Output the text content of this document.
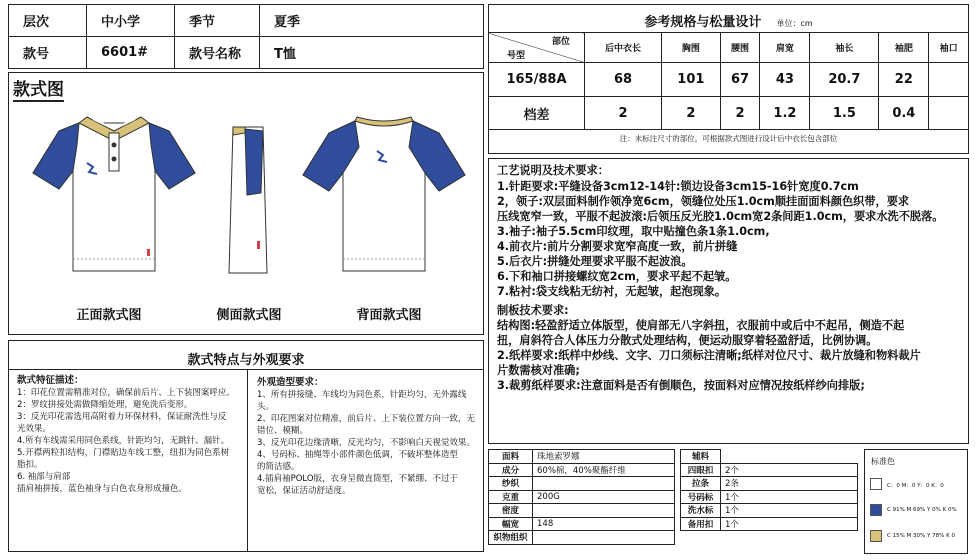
层次	中小学	季节	夏季
款号	6601#	款号名称	T恤
款式图
正面款式图	侧面款式图	背面款式图
款式特点与外观要求
款式特征描述：
1：印花位置需精准对位，确保前后片、上下装图案呼应。
2：罗纹拼接处需做降缩处理，避免洗后变形。
3：反光印花需选用高附着力环保材料，保证耐洗性与反
光效果。
4.所有车线需采用同色系线，针距均匀，无跳针、漏针。
5.开襟两粒扣结构，门襟贴边车线工整，纽扣为同色系树
脂扣。
6. 袖部与肩部
插肩袖拼接，蓝色袖身与白色衣身形成撞色。
外观造型要求：
1、所有拼接缝、车线均为同色系，针距均匀，无外露线头。
2、印花图案对位精准，前后片、上下装位置方向一致，无
错位、模糊。
3、反光印花边缘清晰，反光均匀，不影响白天视觉效果。
4、号码标、抽绳等小部件颜色低调，不破坏整体造型
的简洁感。
4.插肩袖POLO版，衣身呈微直筒型，不紧绷、不过于
宽松，保证活动舒适度。
参考规格与松量设计 单位：cm
部位
号型	后中衣长	胸围	腰围	肩宽	袖长	袖肥	袖口
165/88A	68	101	67	43	20.7	22	
档差	2	2	2	1.2	1.5	0.4	
注：未标注尺寸的部位，可根据款式图进行设计后中衣长包含部位
工艺说明及技术要求：
1.针距要求:平缝设备3cm12-14针:锁边设备3cm15-16针宽度0.7cm
2，领子:双层面料制作领净宽6cm，领缝位处压1.0cm顺挂面面料颜色织带，要求
压线宽窄一致，平服不起波滚:后领压反光胶1.0cm宽2条间距1.0cm，要求水洗不脱落。
3.袖子:袖子5.5cm印纹理，取中贴撞色条1条1.0cm,
4.前衣片:前片分割要求宽窄高度一致，前片拼缝
5.后衣片:拼缝处理要求平服不起波浪。
6.下和袖口拼接螺纹宽2cm，要求平起不起皱。
7.粘衬:袋支线粘无纺衬，无起皱，起泡现象。
制板技术要求:
结构图:轻盈舒适立体版型，使肩部无八字斜扭，衣服前中或后中不起吊，侧造不起
扭，肩斜符合人体压力分散式处理结构，便运动服穿着轻盈舒适，比例协调。
2.纸样要求:纸样中炒线、文字、刀口须标注清晰;纸样对位尺寸、裁片放缝和物料裁片
片数需核对准确;
3.裁剪纸样要求:注意面料是否有倒顺色，按面料对应情况按纸样纱向排版;
面料	珠地索罗娜
成分	60%棉，40%聚酯纤维
纱织	
克重	200G
密度	
幅宽	148
织物组织	
辅料	
四眼扣	2个
拉条	2条
号码标	1个
洗水标	1个
备用扣	1个
标准色
C：0 M：0 Y：0 K：0
C 91% M 69% Y 0% K 0%
C 15% M 30% Y 78% K 0
